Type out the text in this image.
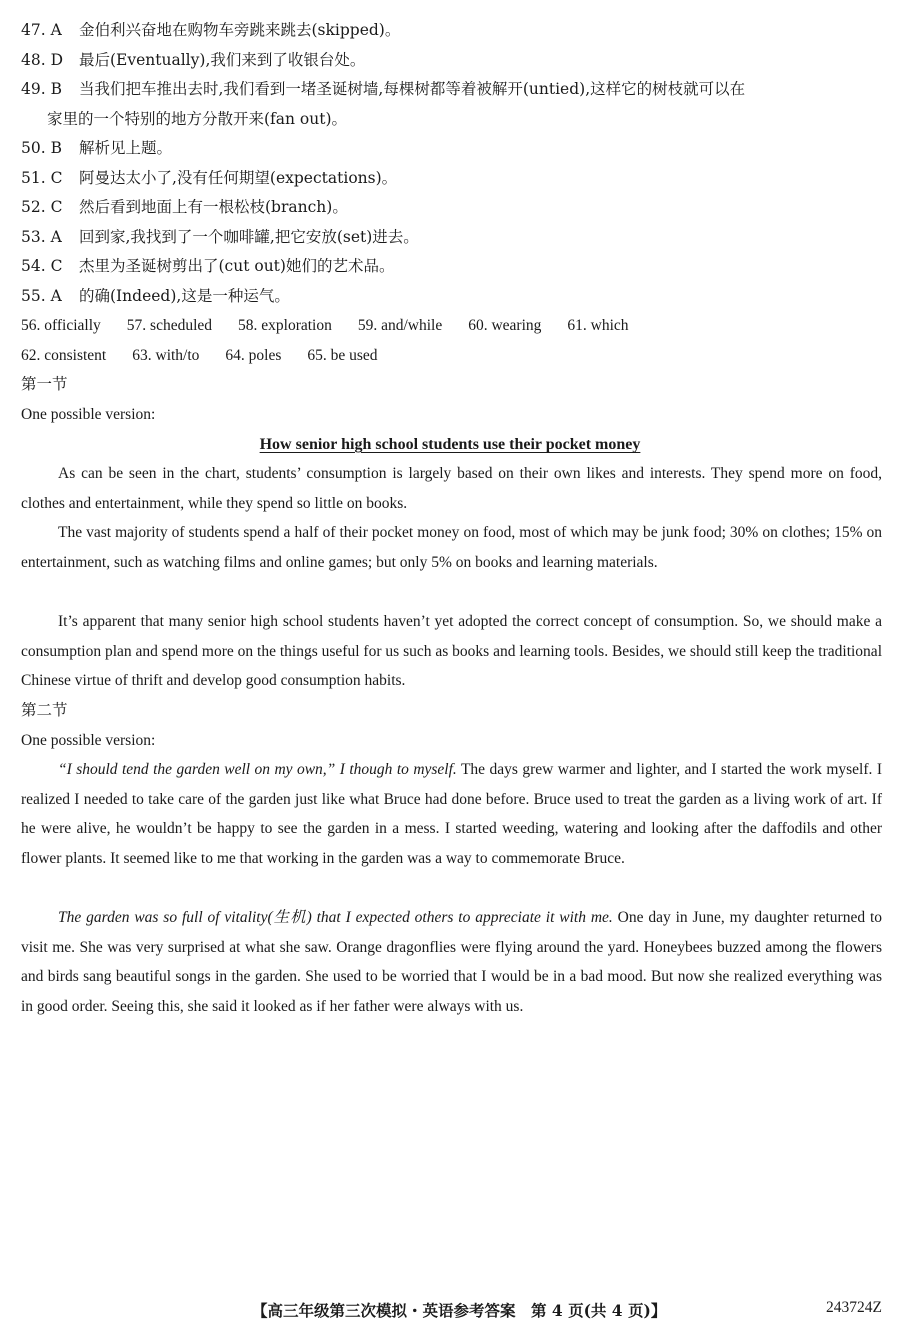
47. A 金伯利兴奋地在购物车旁跳来跳去(skipped)。
48. D 最后(Eventually),我们来到了收银台处。
49. B 当我们把车推出去时,我们看到一堵圣诞树墙,每棵树都等着被解开(untied),这样它的树枝就可以在
家里的一个特别的地方分散开来(fan out)。
50. B 解析见上题。
51. C 阿曼达太小了,没有任何期望(expectations)。
52. C 然后看到地面上有一根松枝(branch)。
53. A 回到家,我找到了一个咖啡罐,把它安放(set)进去。
54. C 杰里为圣诞树剪出了(cut out)她们的艺术品。
55. A 的确(Indeed),这是一种运气。
56. officially 57. scheduled 58. exploration 59. and/while 60. wearing 61. which
62. consistent 63. with/to 64. poles 65. be used
第一节
One possible version:
How senior high school students use their pocket money

As can be seen in the chart, students’ consumption is largely based on their own likes and interests. They spend more on food, clothes and entertainment, while they spend so little on books.

The vast majority of students spend a half of their pocket money on food, most of which may be junk food; 30% on clothes; 15% on entertainment, such as watching films and online games; but only 5% on books and learning materials.

It’s apparent that many senior high school students haven’t yet adopted the correct concept of consumption. So, we should make a consumption plan and spend more on the things useful for us such as books and learning tools. Besides, we should still keep the traditional Chinese virtue of thrift and develop good consumption habits.

第二节
One possible version:

“I should tend the garden well on my own,” I though to myself. The days grew warmer and lighter, and I started the work myself. I realized I needed to take care of the garden just like what Bruce had done before. Bruce used to treat the garden as a living work of art. If he were alive, he wouldn’t be happy to see the garden in a mess. I started weeding, watering and looking after the daffodils and other flower plants. It seemed like to me that working in the garden was a way to commemorate Bruce.

The garden was so full of vitality(生机) that I expected others to appreciate it with me. One day in June, my daughter returned to visit me. She was very surprised at what she saw. Orange dragonflies were flying around the yard. Honeybees buzzed among the flowers and birds sang beautiful songs in the garden. She used to be worried that I would be in a bad mood. But now she realized everything was in good order. Seeing this, she said it looked as if her father were always with us.

【高三年级第三次模拟・英语参考答案　第 4 页(共 4 页)】	243724Z
